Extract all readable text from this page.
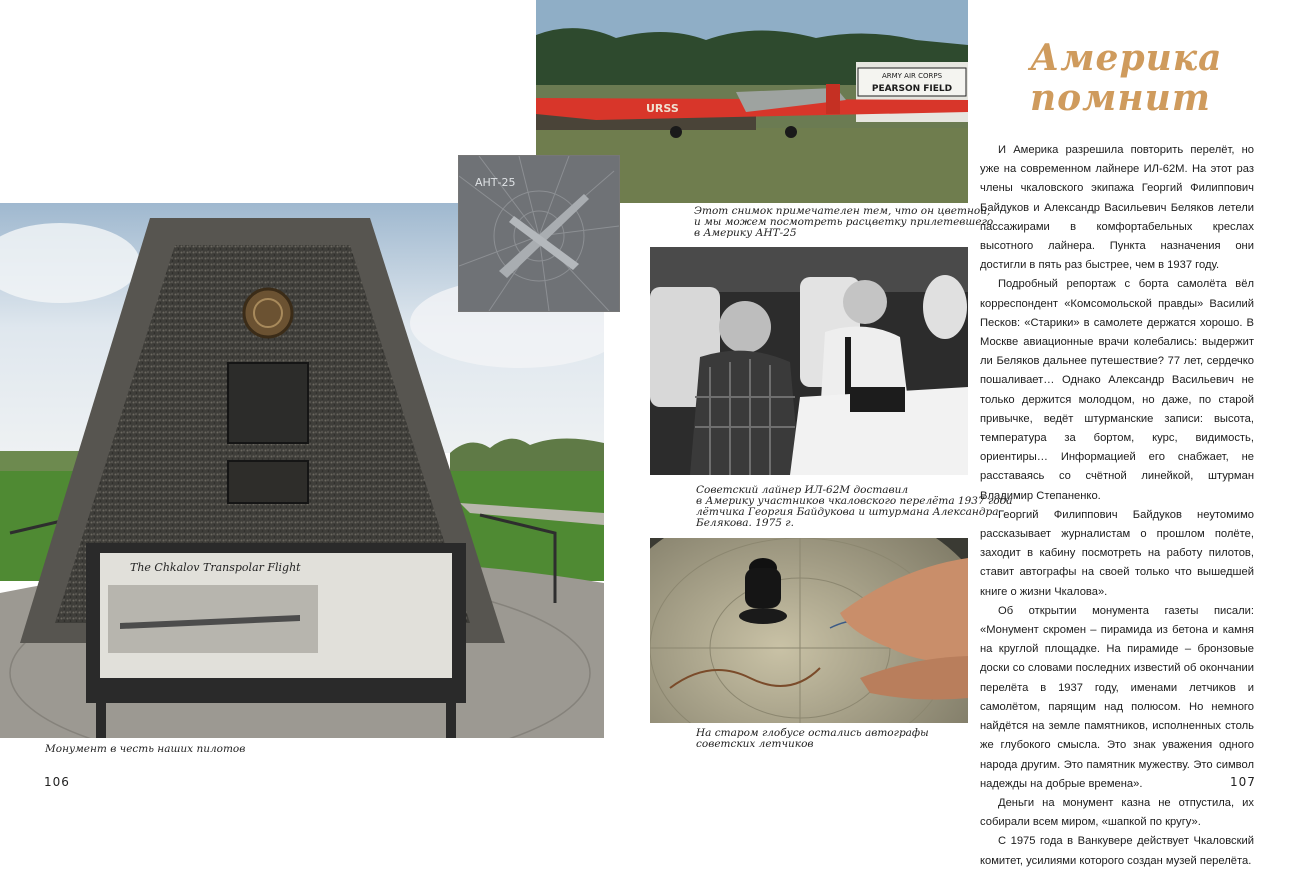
The Chkalov Transpolar Flight

Монумент в честь наших пилотов

106
ARMY AIR CORPS
PEARSON FIELD
URSS

Этот снимок примечателен тем, что он цветной,
и мы можем посмотреть расцветку прилетевшего
в Америку АНТ-25

АНТ-25

Советский лайнер ИЛ-62М доставил
в Америку участников чкаловского перелёта 1937 года
лётчика Георгия Байдукова и штурмана Александра
Белякова. 1975 г.

На старом глобусе остались автографы
советских летчиков

Америка
помнит

И Америка разрешила повторить перелёт, но уже на современном лайнере ИЛ-62М. На этот раз члены чкаловского экипажа Георгий Филиппович Байдуков и Александр Васильевич Беляков летели пассажирами в комфортабельных креслах высотного лайнера. Пункта назначения они достигли в пять раз быстрее, чем в 1937 году.

Подробный репортаж с борта самолёта вёл корреспондент «Комсомольской правды» Василий Песков: «Старики» в самолете держатся хорошо. В Москве авиационные врачи колебались: выдержит ли Беляков дальнее путешествие? 77 лет, сердечко пошаливает… Однако Александр Васильевич не только держится молодцом, но даже, по старой привычке, ведёт штурманские записи: высота, температура за бортом, курс, видимость, ориентиры… Информацией его снабжает, не расставаясь со счётной линейкой, штурман Владимир Степаненко.

Георгий Филиппович Байдуков неутомимо рассказывает журналистам о прошлом полёте, заходит в кабину посмотреть на работу пилотов, ставит автографы на своей только что вышедшей книге о жизни Чкалова».

Об открытии монумента газеты писали: «Монумент скромен – пирамида из бетона и камня на круглой площадке. На пирамиде – бронзовые доски со словами последних известий об окончании перелёта в 1937 году, именами летчиков и самолётом, парящим над полюсом. Но немного найдётся на земле памятников, исполненных столь же глубокого смысла. Это знак уважения одного народа другим. Это памятник мужеству. Это символ надежды на добрые времена».

Деньги на монумент казна не отпустила, их собирали всем миром, «шапкой по кругу».

С 1975 года в Ванкувере действует Чкаловский комитет, усилиями которого создан музей перелёта.

107
